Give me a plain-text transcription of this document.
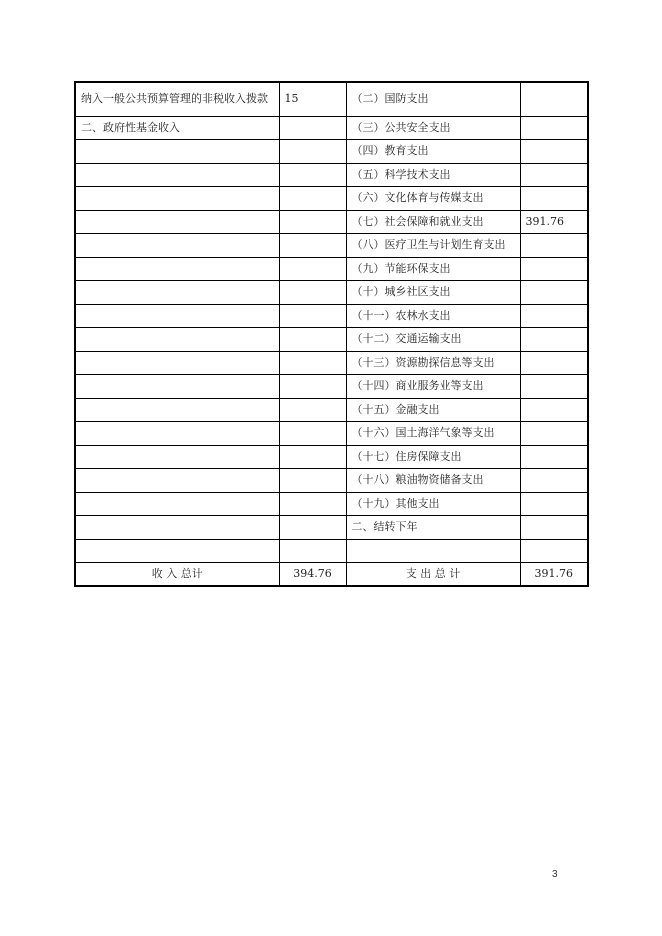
纳入一般公共预算管理的非税收入拨款	15	（二）国防支出	
二、政府性基金收入		（三）公共安全支出	
		（四）教育支出	
		（五）科学技术支出	
		（六）文化体育与传媒支出	
		（七）社会保障和就业支出	391.76
		（八）医疗卫生与计划生育支出	
		（九）节能环保支出	
		（十）城乡社区支出	
		（十一）农林水支出	
		（十二）交通运输支出	
		（十三）资源勘探信息等支出	
		（十四）商业服务业等支出	
		（十五）金融支出	
		（十六）国土海洋气象等支出	
		（十七）住房保障支出	
		（十八）粮油物资储备支出	
		（十九）其他支出	
		二、结转下年	

收 入 总计	394.76	支 出 总 计	391.76
3
